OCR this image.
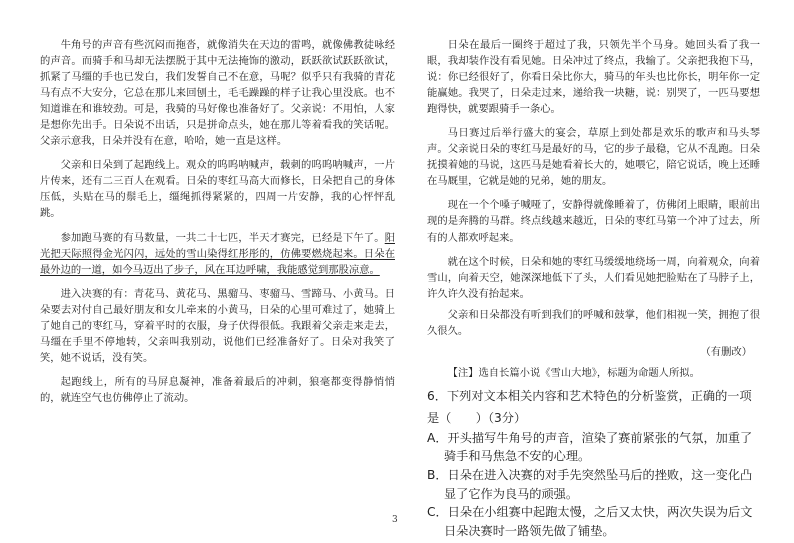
牛角号的声音有些沉闷而拖沓，就像消失在天边的雷鸣，就像佛教徒咏经的声音。而骑手和马却无法摆脱于其中无法掩饰的激动，跃跃欲试跃跃欲试，抓紧了马缰的手也已发白，我们发誓自己不在意，马呢？似乎只有我骑的青花马有点不大安分，它总在那儿来回刨土，毛毛躁躁的样子让我心里没底。也不知道谁在和谁较劲。可是，我骑的马好像也准备好了。父亲说：不用怕，人家是想你先出手。日朵说不出话，只是拼命点头，她在那儿等着看我的笑话呢。父亲示意我，日朵并没有在意，哈哈，她一直是这样。

父亲和日朵到了起跑线上。观众的呜呜呐喊声，载刺的呜呜呐喊声，一片片传来，还有二三百人在观看。日朵的枣红马高大而修长，日朵把自己的身体压低，头贴在马的鬃毛上，缰绳抓得紧紧的，四周一片安静，我的心怦怦乱跳。

参加跑马赛的有马数量，一共二十七匹，半天才赛完，已经是下午了。阳光把天际照得金光闪闪，远处的雪山染得红彤彤的，仿佛要燃烧起来。日朵在最外边的一道，如今马迈出了步子，风在耳边呼啸，我能感觉到那股凉意。

进入决赛的有：青花马、黄花马、黑骝马、枣骝马、雪蹄马、小黄马。日朵要去对付自己最好朋友和女儿牵来的小黄马，日朵的心里可难过了，她骑上了她自己的枣红马，穿着平时的衣服，身子伏得很低。我跟着父亲走来走去，马缰在手里不停地转，父亲叫我别动，说他们已经准备好了。日朵对我笑了笑，她不说话，没有笑。

起跑线上，所有的马屏息凝神，准备着最后的冲刺，狼毫都变得静悄悄的，就连空气也仿佛停止了流动。

日朵在最后一圈终于超过了我，只领先半个马身。她回头看了我一眼，我却装作没有看见她。日朵冲过了终点，我输了。父亲把我抱下马，说：你已经很好了，你看日朵比你大，骑马的年头也比你长，明年你一定能赢她。我哭了，日朵走过来，递给我一块糖，说：别哭了，一匹马要想跑得快，就要跟骑手一条心。

马日赛过后举行盛大的宴会，草原上到处都是欢乐的歌声和马头琴声。父亲说日朵的枣红马是最好的马，它的步子最稳，它从不乱跑。日朵抚摸着她的马说，这匹马是她看着长大的，她喂它，陪它说话，晚上还睡在马厩里，它就是她的兄弟，她的朋友。

现在一个个嗓子喊哑了，安静得就像睡着了，仿佛闭上眼睛，眼前出现的是奔腾的马群。终点线越来越近，日朵的枣红马第一个冲了过去，所有的人都欢呼起来。

就在这个时候，日朵和她的枣红马缓缓地绕场一周，向着观众，向着雪山，向着天空，她深深地低下了头，人们看见她把脸贴在了马脖子上，许久许久没有抬起来。

父亲和日朵都没有听到我们的呼喊和鼓掌，他们相视一笑，拥抱了很久很久。

（有删改）

【注】选自长篇小说《雪山大地》，标题为命题人所拟。

6．下列对文本相关内容和艺术特色的分析鉴赏，正确的一项是（　　）（3分）

A．开头描写牛角号的声音，渲染了赛前紧张的气氛，加重了骑手和马焦急不安的心理。

B．日朵在进入决赛的对手先突然坠马后的挫败，这一变化凸显了它作为良马的顽强。

C．日朵在小组赛中起跑太慢，之后又太快，两次失误为后文日朵决赛时一路领先做了铺垫。

3
